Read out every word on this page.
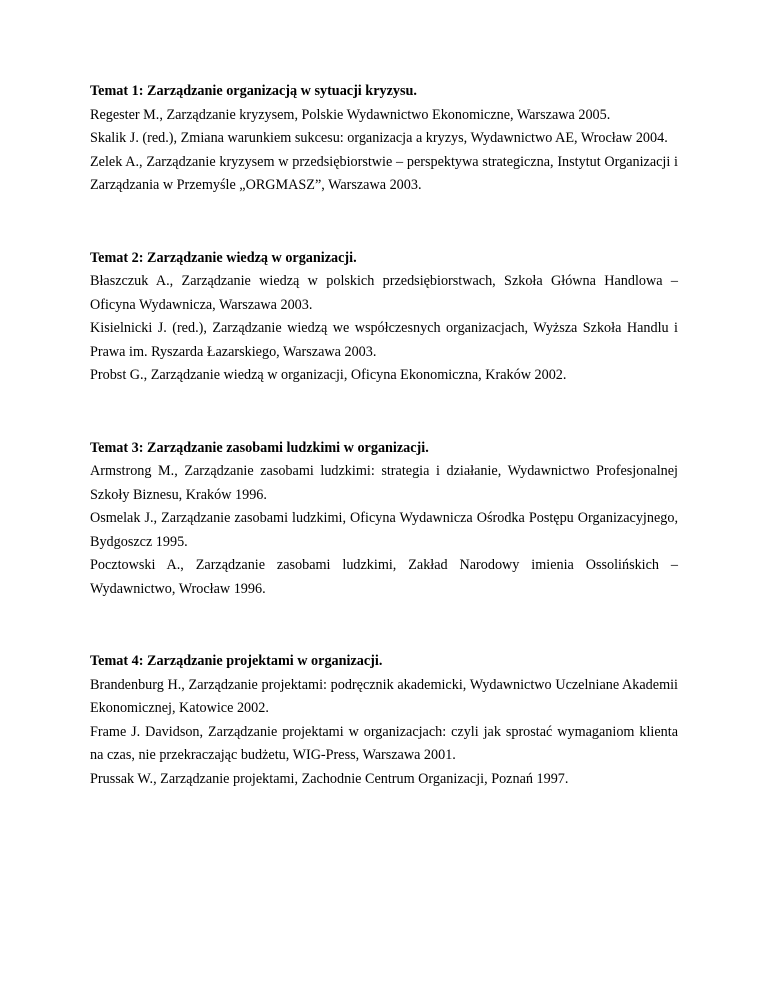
Temat 1: Zarządzanie organizacją w sytuacji kryzysu.

Regester M., Zarządzanie kryzysem, Polskie Wydawnictwo Ekonomiczne, Warszawa 2005.

Skalik J. (red.), Zmiana warunkiem sukcesu: organizacja a kryzys, Wydawnictwo AE, Wrocław 2004.

Zelek A., Zarządzanie kryzysem w przedsiębiorstwie – perspektywa strategiczna, Instytut Organizacji i Zarządzania w Przemyśle „ORGMASZ”, Warszawa 2003.

Temat 2: Zarządzanie wiedzą w organizacji.

Błaszczuk A., Zarządzanie wiedzą w polskich przedsiębiorstwach, Szkoła Główna Handlowa – Oficyna Wydawnicza, Warszawa 2003.

Kisielnicki J. (red.), Zarządzanie wiedzą we współczesnych organizacjach, Wyższa Szkoła Handlu i Prawa im. Ryszarda Łazarskiego, Warszawa 2003.

Probst G., Zarządzanie wiedzą w organizacji, Oficyna Ekonomiczna, Kraków 2002.

Temat 3: Zarządzanie zasobami ludzkimi w organizacji.

Armstrong M., Zarządzanie zasobami ludzkimi: strategia i działanie, Wydawnictwo Profesjonalnej Szkoły Biznesu, Kraków 1996.

Osmelak J., Zarządzanie zasobami ludzkimi, Oficyna Wydawnicza Ośrodka Postępu Organizacyjnego, Bydgoszcz 1995.

Pocztowski A., Zarządzanie zasobami ludzkimi, Zakład Narodowy imienia Ossolińskich – Wydawnictwo, Wrocław 1996.

Temat 4: Zarządzanie projektami w organizacji.

Brandenburg H., Zarządzanie projektami: podręcznik akademicki, Wydawnictwo Uczelniane Akademii Ekonomicznej, Katowice 2002.

Frame J. Davidson, Zarządzanie projektami w organizacjach: czyli jak sprostać wymaganiom klienta na czas, nie przekraczając budżetu, WIG-Press, Warszawa 2001.

Prussak W., Zarządzanie projektami, Zachodnie Centrum Organizacji, Poznań 1997.
